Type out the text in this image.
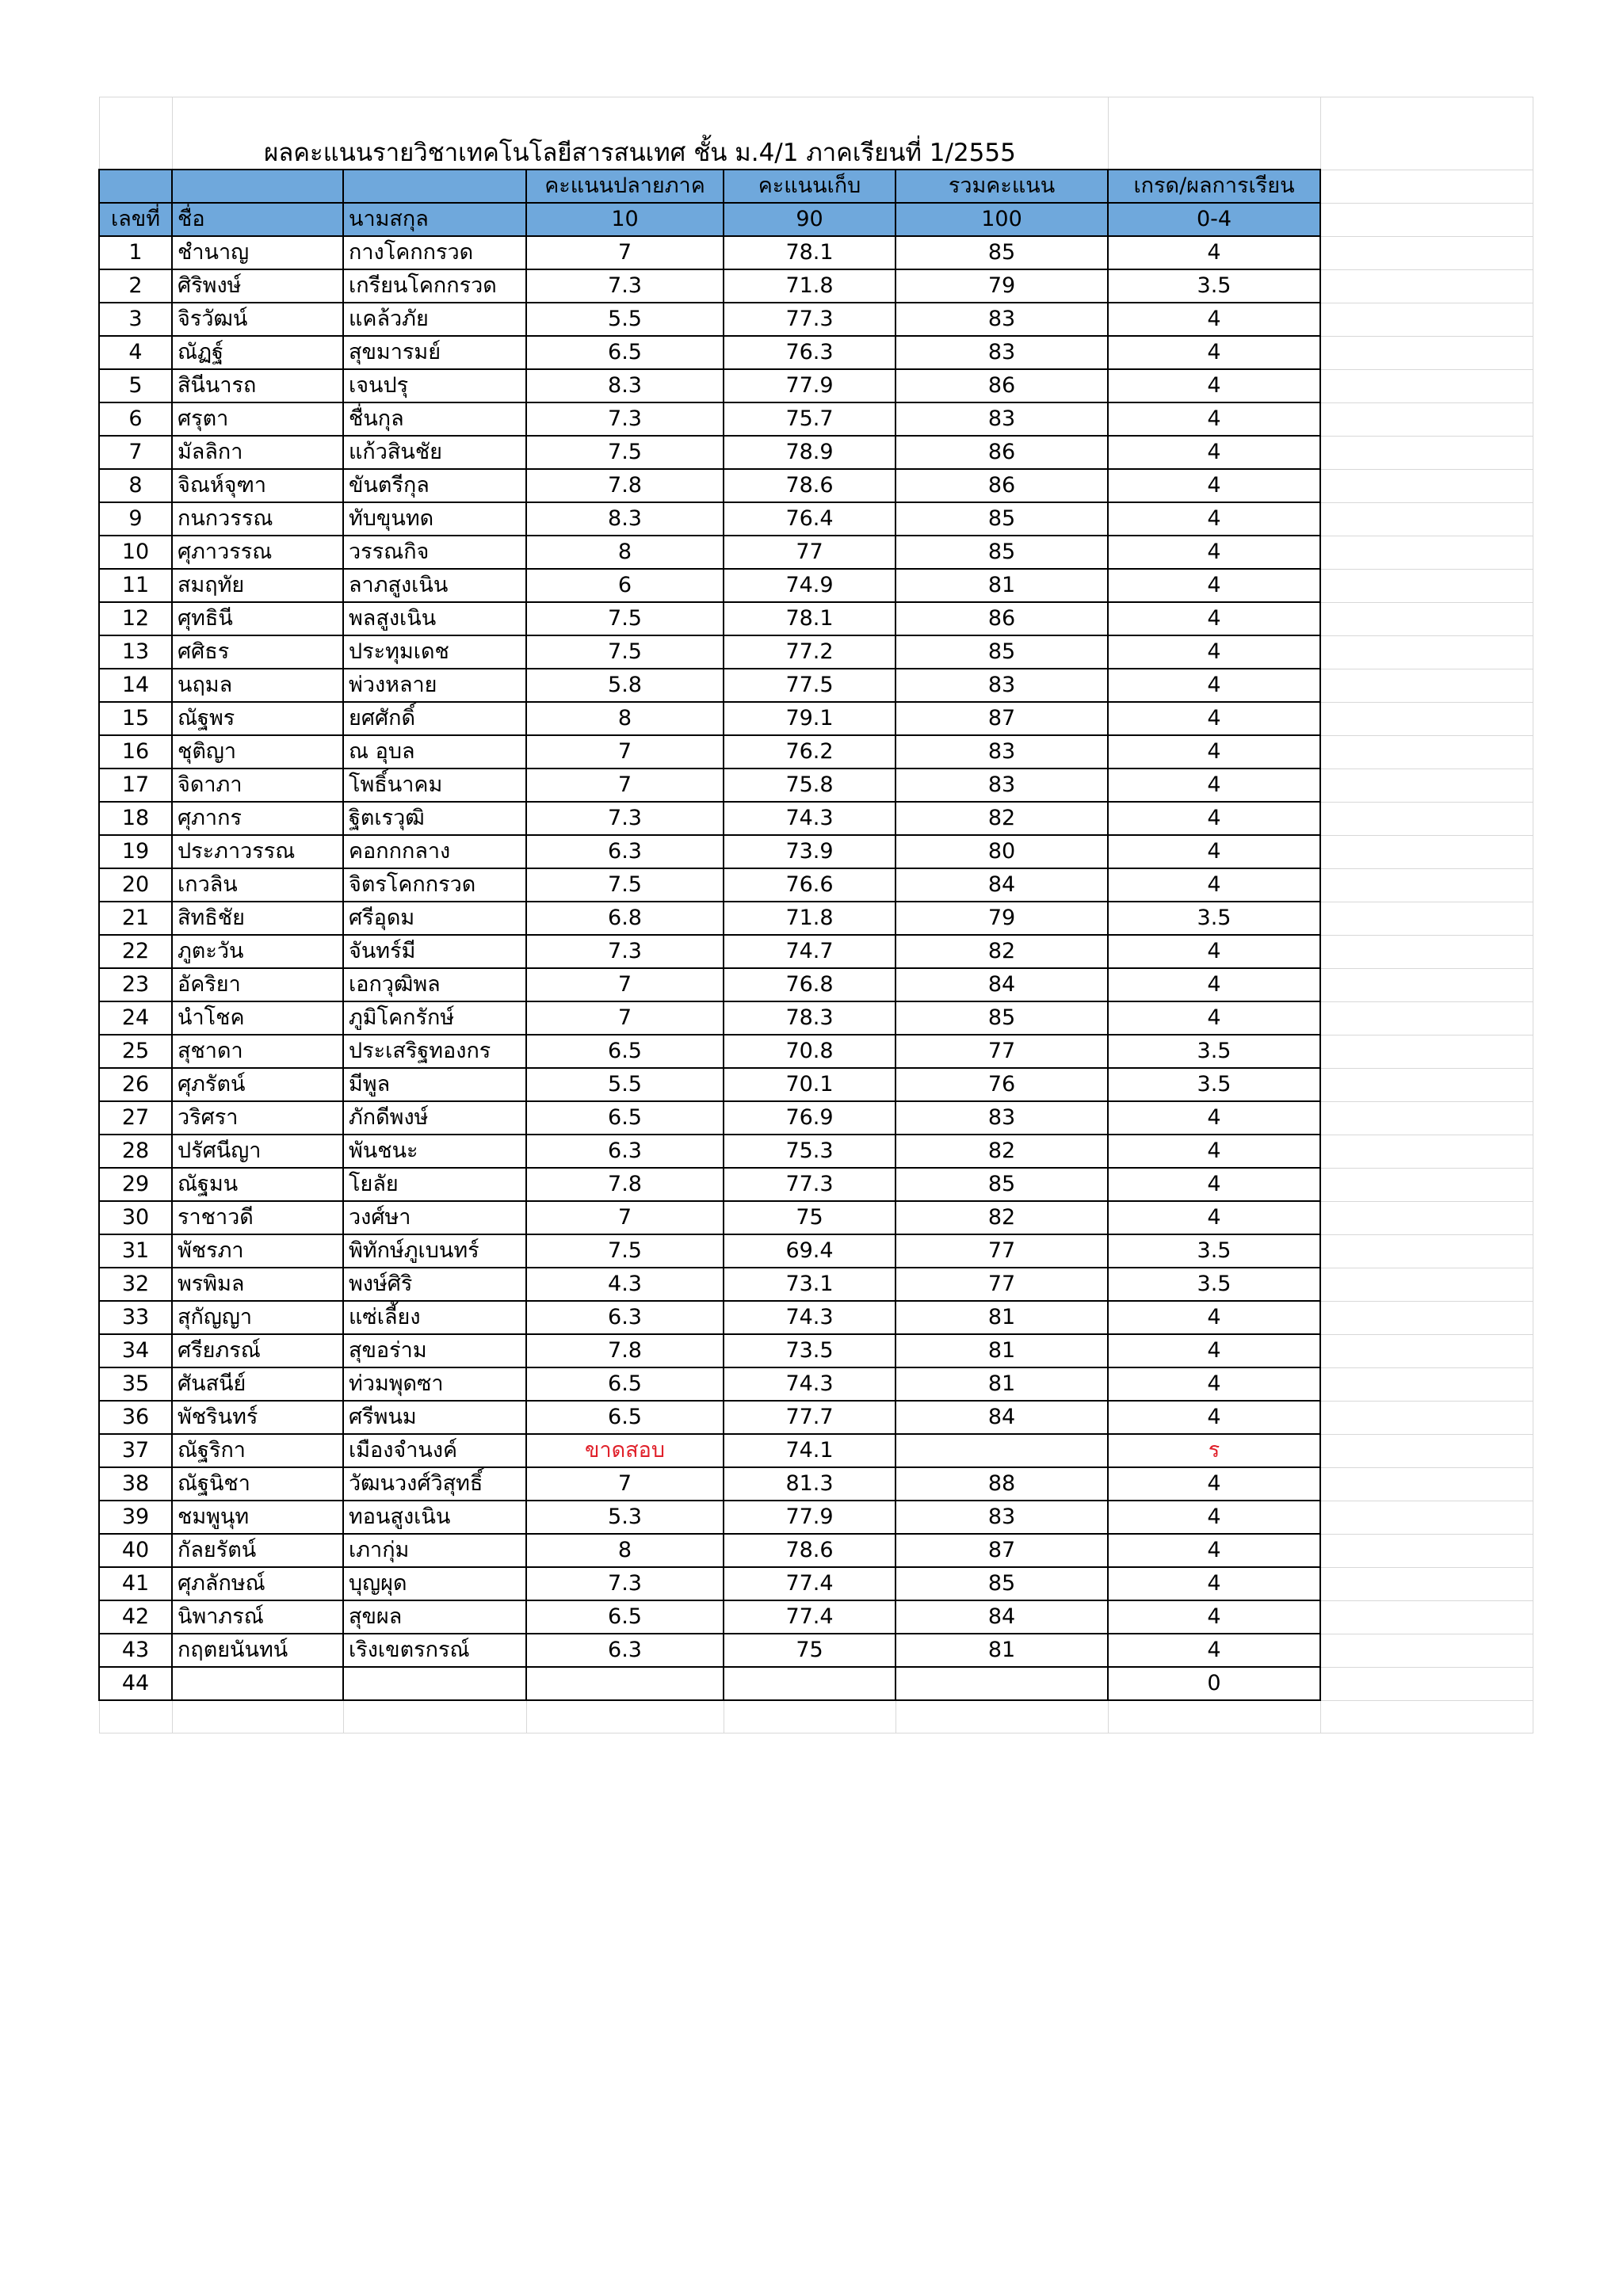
	ผลคะแนนรายวิชาเทคโนโลยีสารสนเทศ ชั้น ม.4/1 ภาคเรียนที่ 1/2555						
			คะแนนปลายภาค	คะแนนเก็บ	รวมคะแนน	เกรด/ผลการเรียน	
เลขที่	ชื่อ	นามสกุล	10	90	100	0-4	
1	ชำนาญ	กางโคกกรวด	7	78.1	85	4	
2	ศิริพงษ์	เกรียนโคกกรวด	7.3	71.8	79	3.5	
3	จิรวัฒน์	แคล้วภัย	5.5	77.3	83	4	
4	ณัฏฐ์	สุขมารมย์	6.5	76.3	83	4	
5	สินีนารถ	เจนปรุ	8.3	77.9	86	4	
6	ศรุตา	ชื่นกุล	7.3	75.7	83	4	
7	มัลลิกา	แก้วสินชัย	7.5	78.9	86	4	
8	จิณห์จุฑา	ขันตรีกุล	7.8	78.6	86	4	
9	กนกวรรณ	ทับขุนทด	8.3	76.4	85	4	
10	ศุภาวรรณ	วรรณกิจ	8	77	85	4	
11	สมฤทัย	ลาภสูงเนิน	6	74.9	81	4	
12	ศุทธินี	พลสูงเนิน	7.5	78.1	86	4	
13	ศศิธร	ประทุมเดช	7.5	77.2	85	4	
14	นฤมล	พ่วงหลาย	5.8	77.5	83	4	
15	ณัฐพร	ยศศักดิ์	8	79.1	87	4	
16	ชุติญา	ณ อุบล	7	76.2	83	4	
17	จิดาภา	โพธิ์นาคม	7	75.8	83	4	
18	ศุภากร	ฐิตเรวุฒิ	7.3	74.3	82	4	
19	ประภาวรรณ	คอกกกลาง	6.3	73.9	80	4	
20	เกวลิน	จิตรโคกกรวด	7.5	76.6	84	4	
21	สิทธิชัย	ศรีอุดม	6.8	71.8	79	3.5	
22	ภูตะวัน	จันทร์มี	7.3	74.7	82	4	
23	อัคริยา	เอกวุฒิพล	7	76.8	84	4	
24	นำโชค	ภูมิโคกรักษ์	7	78.3	85	4	
25	สุชาดา	ประเสริฐทองกร	6.5	70.8	77	3.5	
26	ศุภรัตน์	มีพูล	5.5	70.1	76	3.5	
27	วริศรา	ภักดีพงษ์	6.5	76.9	83	4	
28	ปรัศนีญา	พันชนะ	6.3	75.3	82	4	
29	ณัฐมน	โยลัย	7.8	77.3	85	4	
30	ราชาวดี	วงศ์ษา	7	75	82	4	
31	พัชรภา	พิทักษ์ภูเบนทร์	7.5	69.4	77	3.5	
32	พรพิมล	พงษ์ศิริ	4.3	73.1	77	3.5	
33	สุกัญญา	แซ่เลี้ยง	6.3	74.3	81	4	
34	ศรียภรณ์	สุขอร่าม	7.8	73.5	81	4	
35	ศันสนีย์	ท่วมพุดซา	6.5	74.3	81	4	
36	พัชรินทร์	ศรีพนม	6.5	77.7	84	4	
37	ณัฐริกา	เมืองจำนงค์	ขาดสอบ	74.1		ร	
38	ณัฐนิชา	วัฒนวงศ์วิสุทธิ์	7	81.3	88	4	
39	ชมพูนุท	ทอนสูงเนิน	5.3	77.9	83	4	
40	กัลยรัตน์	เภากุ่ม	8	78.6	87	4	
41	ศุภลักษณ์	บุญผุด	7.3	77.4	85	4	
42	นิพาภรณ์	สุขผล	6.5	77.4	84	4	
43	กฤตยนันทน์	เริงเขตรกรณ์	6.3	75	81	4	
44						0	
